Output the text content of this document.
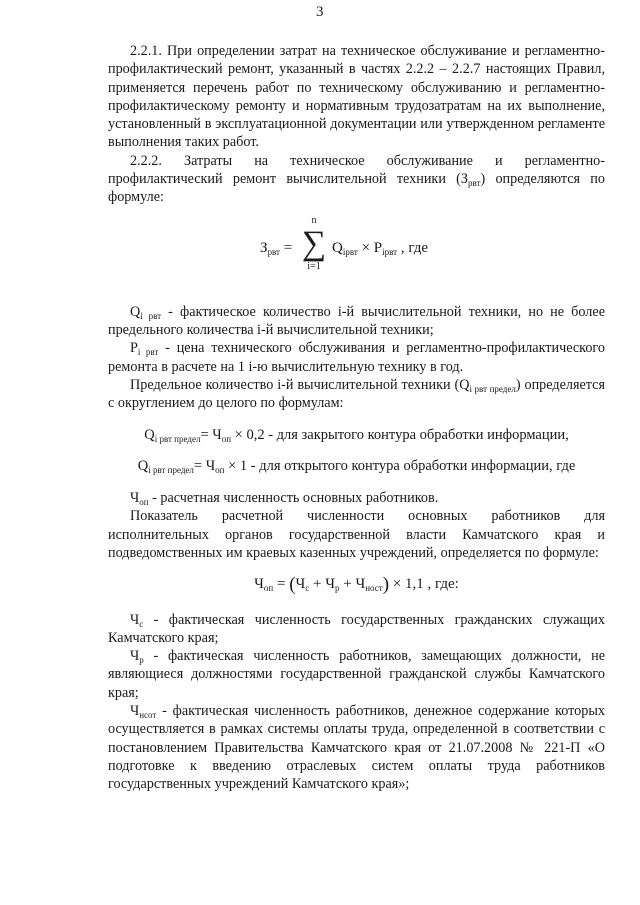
3

2.2.1. При определении затрат на техническое обслуживание и регламентно-профилактический ремонт, указанный в частях 2.2.2 – 2.2.7 настоящих Правил, применяется перечень работ по техническому обслуживанию и регламентно-профилактическому ремонту и нормативным трудозатратам на их выполнение, установленный в эксплуатационной документации или утвержденном регламенте выполнения таких работ.

2.2.2. Затраты на техническое обслуживание и регламентно-профилактический ремонт вычислительной техники $(З_{рвт})$ определяются по формуле:

$З_{рвт}$ =
n
∑
i=1
$Q_{iрвт} \times P_{iрвт}$ , где

$Q_{i рвт}$ - фактическое количество i-й вычислительной техники, но не более предельного количества i-й вычислительной техники;

$P_{i рвт}$ - цена технического обслуживания и регламентно-профилактического ремонта в расчете на 1 i-ю вычислительную технику в год.

Предельное количество i-й вычислительной техники $(Q_{i рвт предел})$ определяется с округлением до целого по формулам:

$Q_{i рвт предел}= Ч_{оп} \times 0,2$ - для закрытого контура обработки информации,
$Q_{i рвт предел}= Ч_{оп} \times 1$ - для открытого контура обработки информации, где

$Ч_{оп}$ - расчетная численность основных работников.

Показатель расчетной численности основных работников для исполнительных органов государственной власти Камчатского края и подведомственных им краевых казенных учреждений, определяется по формуле:

$Ч_{оп} = (Ч_с + Ч_р + Ч_{ност}) \times 1,1$ , где:

$Ч_с$ - фактическая численность государственных гражданских служащих Камчатского края;

$Ч_р$ - фактическая численность работников, замещающих должности, не являющиеся должностями государственной гражданской службы Камчатского края;

$Ч_{нсот}$ - фактическая численность работников, денежное содержание которых осуществляется в рамках системы оплаты труда, определенной в соответствии с постановлением Правительства Камчатского края от 21.07.2008 № 221-П «О подготовке к введению отраслевых систем оплаты труда работников государственных учреждений Камчатского края»;
